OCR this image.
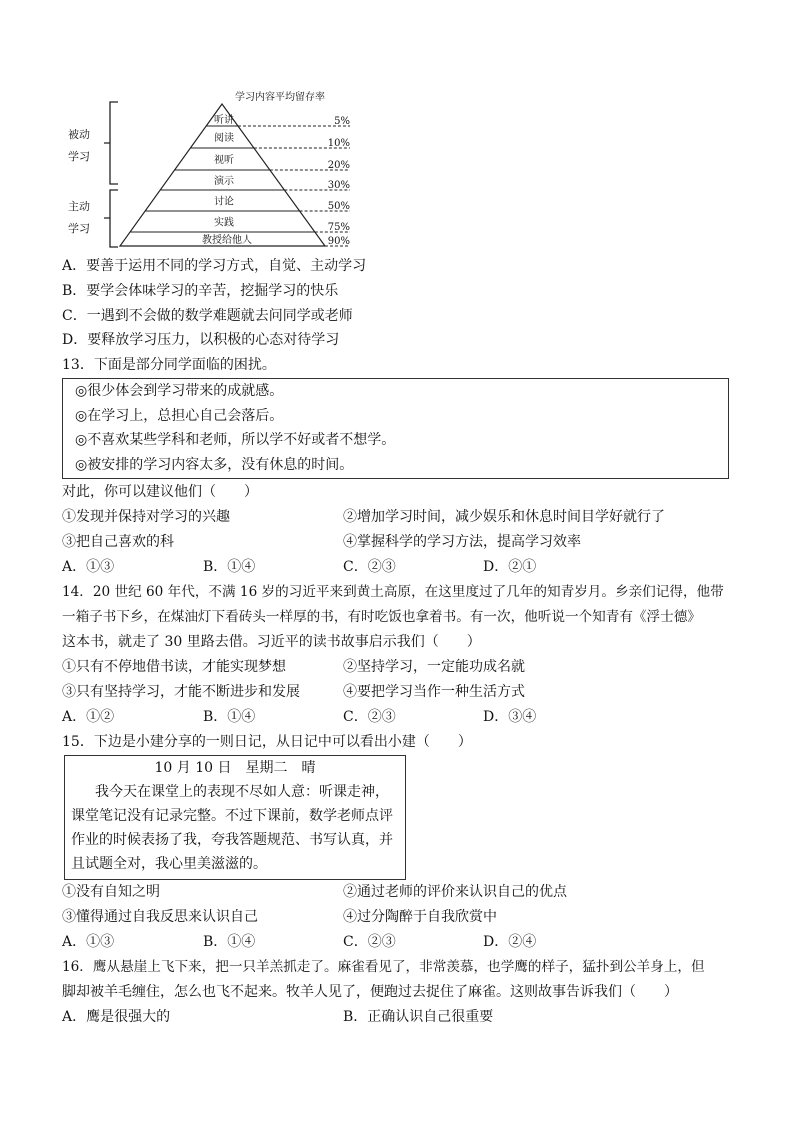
学习内容平均留存率
听讲	5%
阅读	10%
视听	20%
演示	30%
讨论	50%
实践	75%
教授给他人	90%
被动
学习
主动
学习
A．要善于运用不同的学习方式，自觉、主动学习
B．要学会体味学习的辛苦，挖掘学习的快乐
C．一遇到不会做的数学难题就去问同学或老师
D．要释放学习压力，以积极的心态对待学习
13．下面是部分同学面临的困扰。
◎很少体会到学习带来的成就感。
◎在学习上，总担心自己会落后。
◎不喜欢某些学科和老师，所以学不好或者不想学。
◎被安排的学习内容太多，没有休息的时间。
对此，你可以建议他们（　　）
①发现并保持对学习的兴趣	②增加学习时间，减少娱乐和休息时间目学好就行了
③把自己喜欢的科	④掌握科学的学习方法，提高学习效率
A．①③	B．①④	C．②③	D．②①
14．20 世纪 60 年代，不满 16 岁的习近平来到黄土高原，在这里度过了几年的知青岁月。乡亲们记得，他带
一箱子书下乡，在煤油灯下看砖头一样厚的书，有时吃饭也拿着书。有一次，他听说一个知青有《浮士德》
这本书，就走了 30 里路去借。习近平的读书故事启示我们（　　）
①只有不停地借书读，才能实现梦想	②坚持学习，一定能功成名就
③只有坚持学习，才能不断进步和发展	④要把学习当作一种生活方式
A．①②	B．①④	C．②③	D．③④
15．下边是小建分享的一则日记，从日记中可以看出小建（　　）
10 月 10 日　星期二　晴
我今天在课堂上的表现不尽如人意：听课走神，
课堂笔记没有记录完整。不过下课前，数学老师点评
作业的时候表扬了我，夸我答题规范、书写认真，并
且试题全对，我心里美滋滋的。
①没有自知之明	②通过老师的评价来认识自己的优点
③懂得通过自我反思来认识自己	④过分陶醉于自我欣赏中
A．①③	B．①④	C．②③	D．②④
16．鹰从悬崖上飞下来，把一只羊羔抓走了。麻雀看见了，非常羡慕，也学鹰的样子，猛扑到公羊身上，但
脚却被羊毛缠住，怎么也飞不起来。牧羊人见了，便跑过去捉住了麻雀。这则故事告诉我们（　　）
A．鹰是很强大的	B．正确认识自己很重要
